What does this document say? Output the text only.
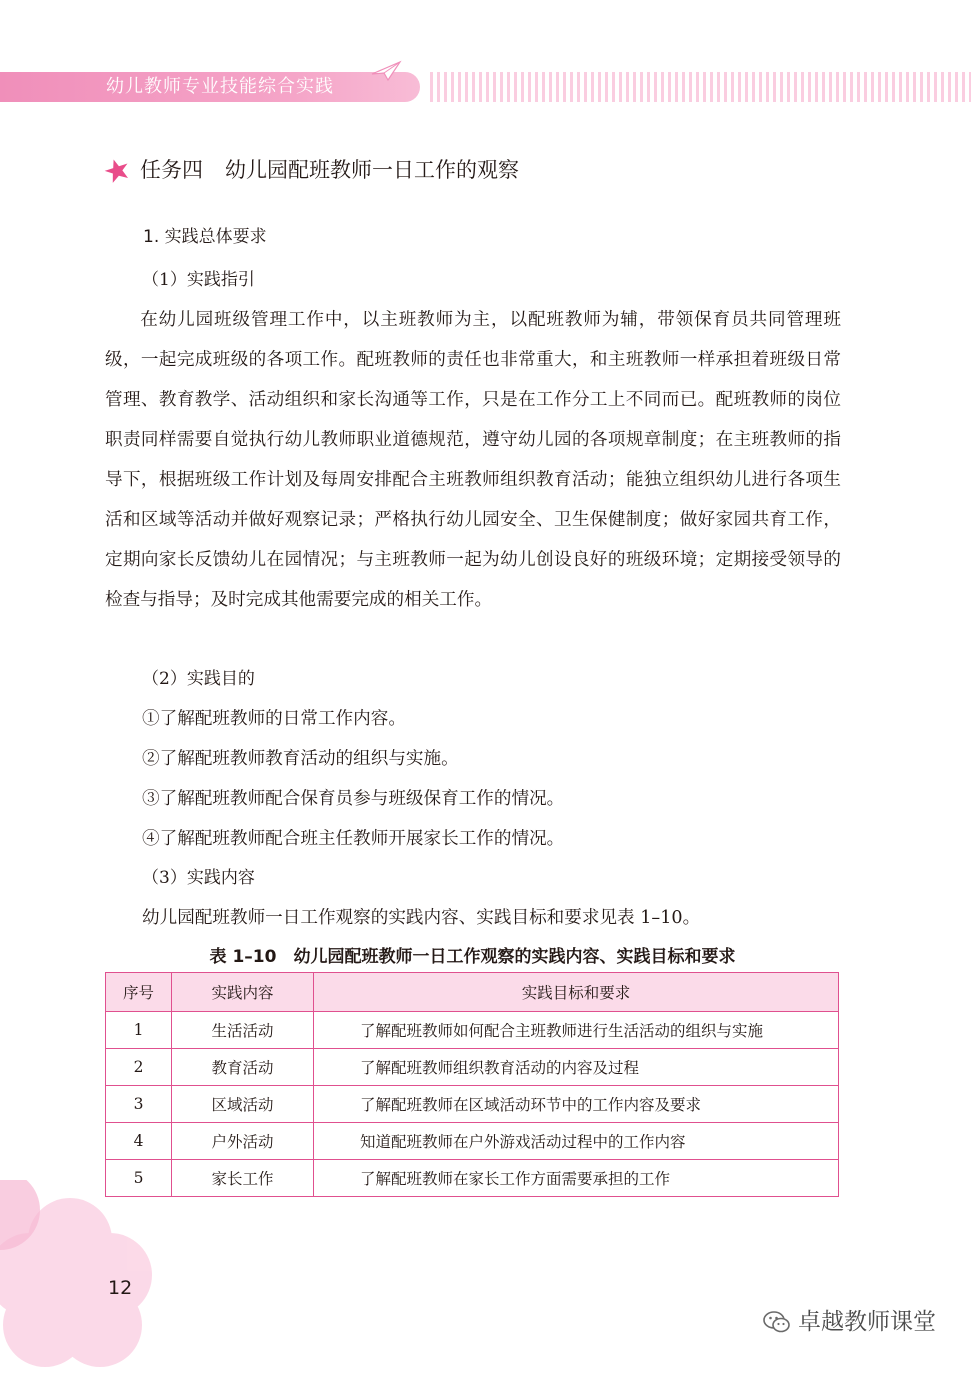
幼儿教师专业技能综合实践
任务四 幼儿园配班教师一日工作的观察
1. 实践总体要求
（1）实践指引

在幼儿园班级管理工作中，以主班教师为主，以配班教师为辅，带领保育员共同管理班级，一起完成班级的各项工作。配班教师的责任也非常重大，和主班教师一样承担着班级日常管理、教育教学、活动组织和家长沟通等工作，只是在工作分工上不同而已。配班教师的岗位职责同样需要自觉执行幼儿教师职业道德规范，遵守幼儿园的各项规章制度；在主班教师的指导下，根据班级工作计划及每周安排配合主班教师组织教育活动；能独立组织幼儿进行各项生活和区域等活动并做好观察记录；严格执行幼儿园安全、卫生保健制度；做好家园共育工作，定期向家长反馈幼儿在园情况；与主班教师一起为幼儿创设良好的班级环境；定期接受领导的检查与指导；及时完成其他需要完成的相关工作。

（2）实践目的
①了解配班教师的日常工作内容。
②了解配班教师教育活动的组织与实施。
③了解配班教师配合保育员参与班级保育工作的情况。
④了解配班教师配合班主任教师开展家长工作的情况。
（3）实践内容
幼儿园配班教师一日工作观察的实践内容、实践目标和要求见表 1–10。
表 1–10　幼儿园配班教师一日工作观察的实践内容、实践目标和要求
序号	实践内容	实践目标和要求
1	生活活动	了解配班教师如何配合主班教师进行生活活动的组织与实施
2	教育活动	了解配班教师组织教育活动的内容及过程
3	区域活动	了解配班教师在区域活动环节中的工作内容及要求
4	户外活动	知道配班教师在户外游戏活动过程中的工作内容
5	家长工作	了解配班教师在家长工作方面需要承担的工作
12
卓越教师课堂
